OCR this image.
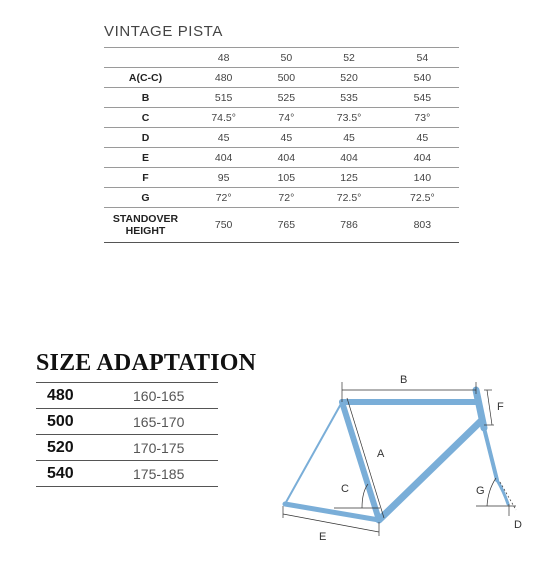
VINTAGE PISTA
	48	50	52	54
A(C-C)	480	500	520	540
B	515	525	535	545
C	74.5°	74°	73.5°	73°
D	45	45	45	45
E	404	404	404	404
F	95	105	125	140
G	72°	72°	72.5°	72.5°
STANDOVER
HEIGHT	750	765	786	803
SIZE ADAPTATION
480	160-165
500	165-170
520	170-175
540	175-185
B
A
F
C	G
E
D
